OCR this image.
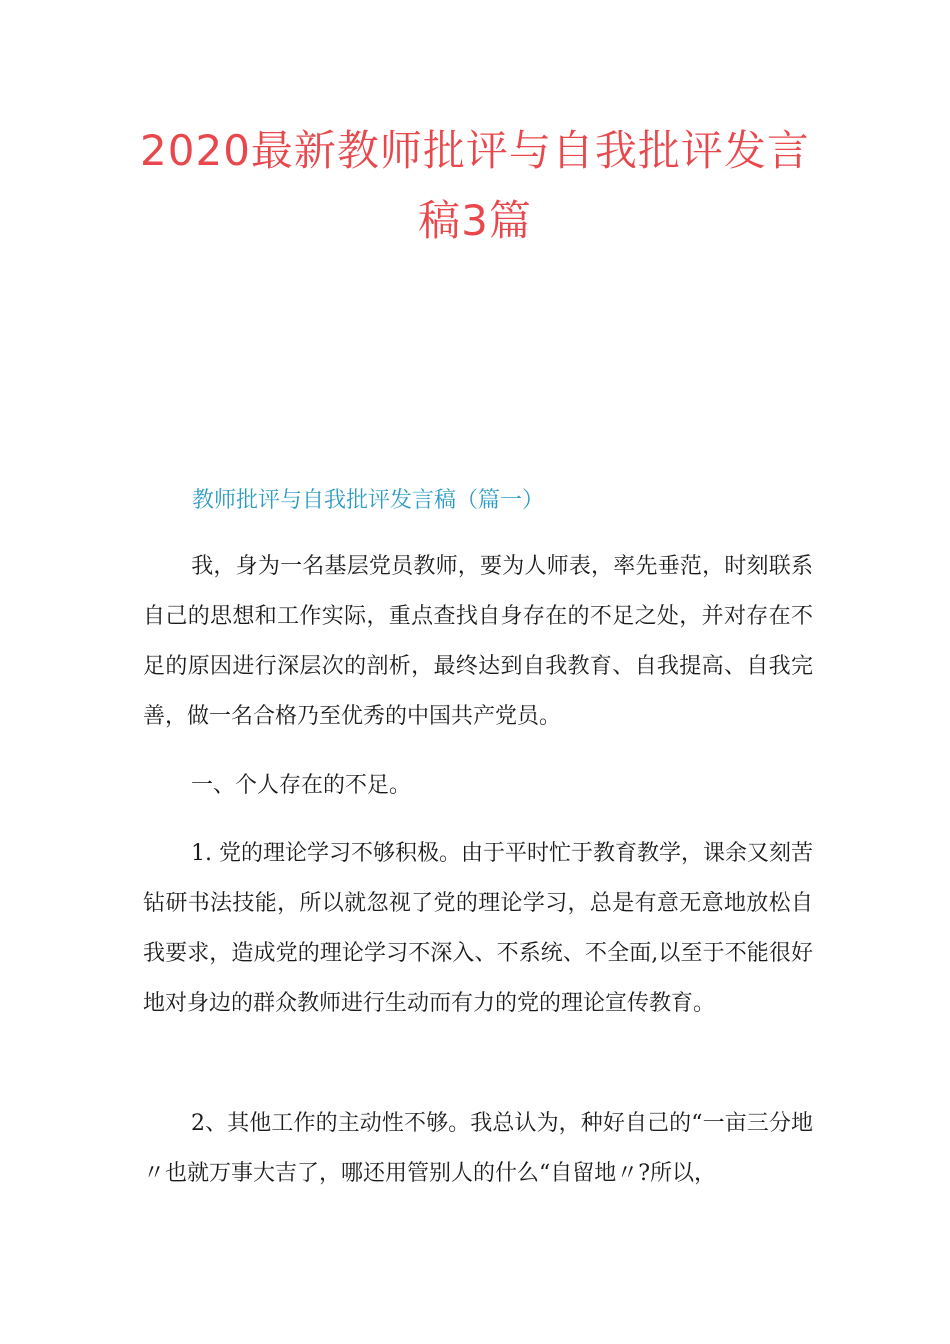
2020最新教师批评与自我批评发言
稿3篇
教师批评与自我批评发言稿（篇一）
我，身为一名基层党员教师，要为人师表，率先垂范，时刻联系自己的思想和工作实际，重点查找自身存在的不足之处，并对存在不足的原因进行深层次的剖析，最终达到自我教育、自我提高、自我完善，做一名合格乃至优秀的中国共产党员。
一、个人存在的不足。
1. 党的理论学习不够积极。由于平时忙于教育教学，课余又刻苦钻研书法技能，所以就忽视了党的理论学习，总是有意无意地放松自我要求，造成党的理论学习不深入、不系统、不全面,以至于不能很好地对身边的群众教师进行生动而有力的党的理论宣传教育。
2、其他工作的主动性不够。我总认为，种好自己的“一亩三分地〃也就万事大吉了，哪还用管别人的什么“自留地〃?所以，
